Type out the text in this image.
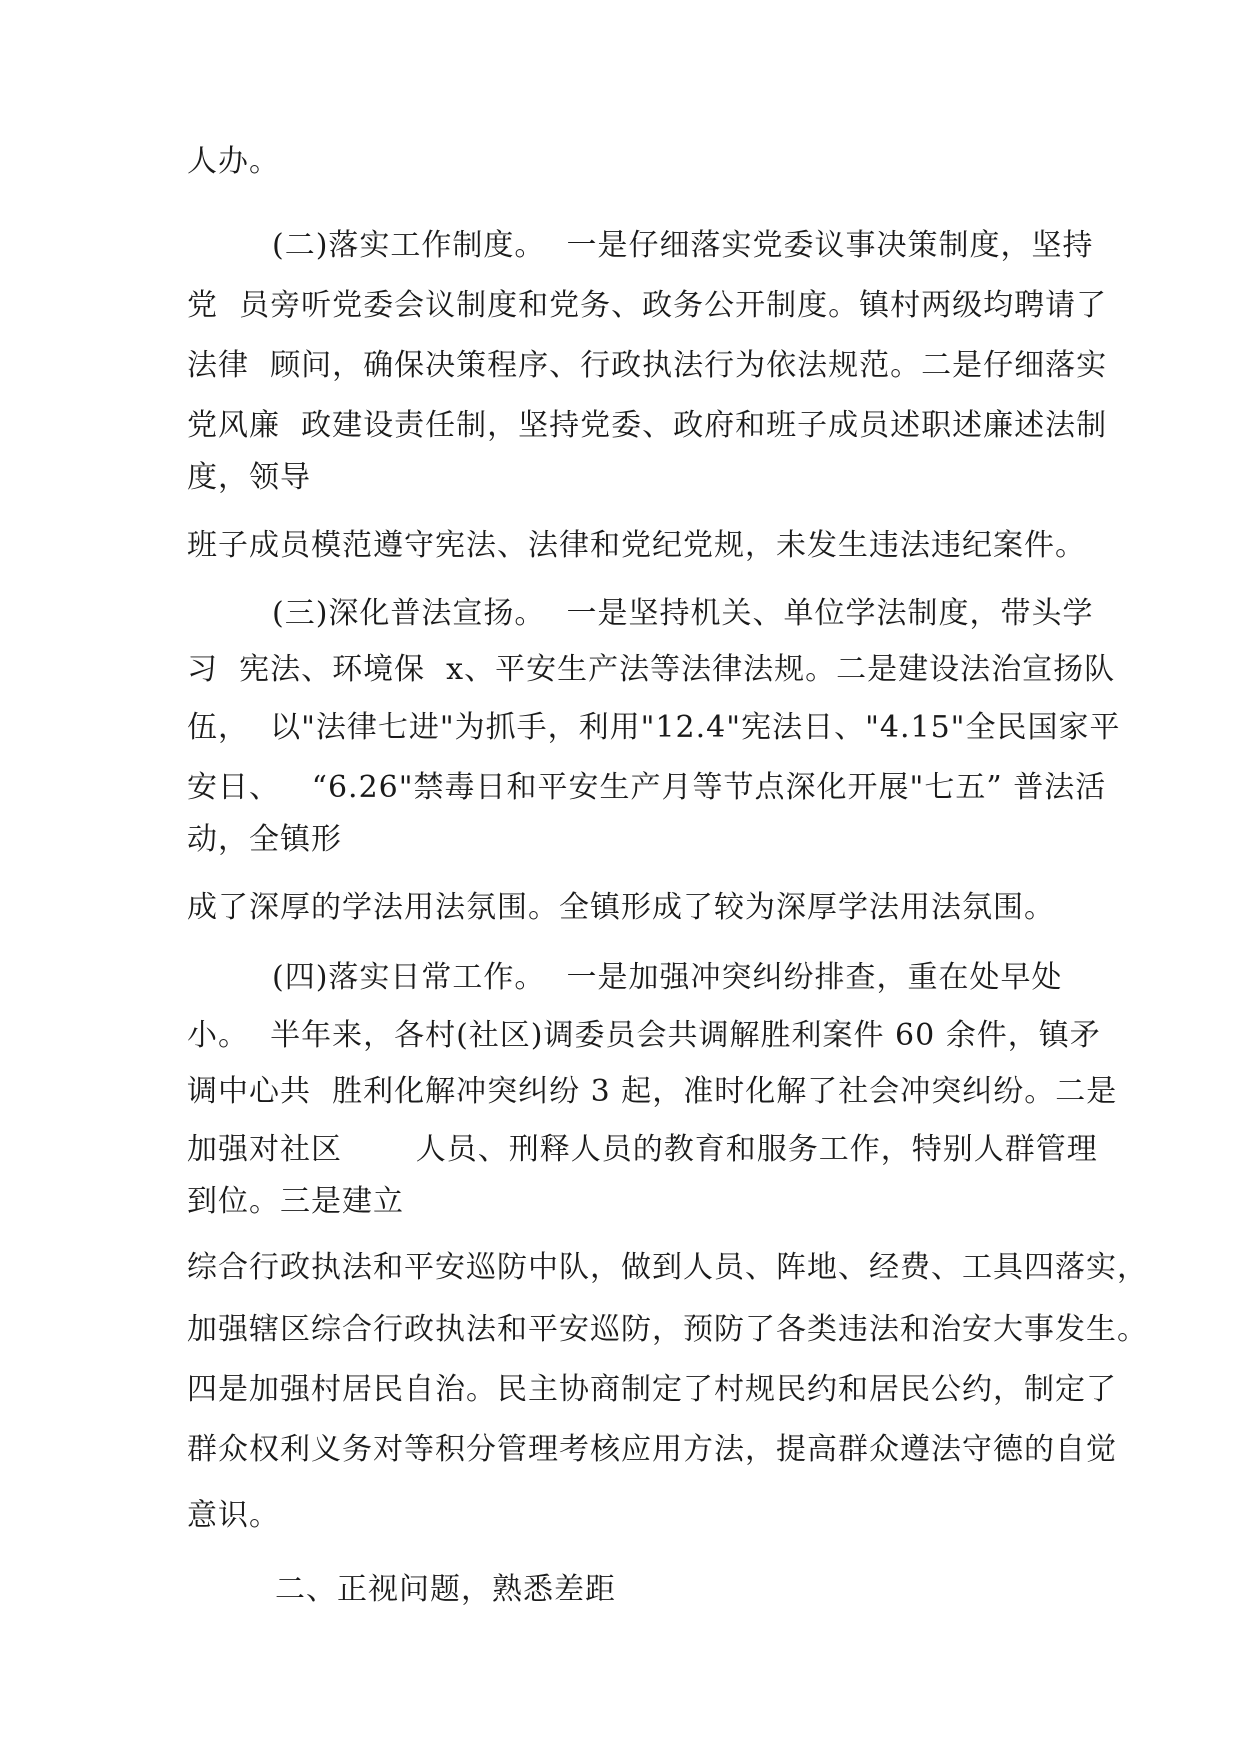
人办。
(二)落实工作制度。  一是仔细落实党委议事决策制度，坚持
党  员旁听党委会议制度和党务、政务公开制度。镇村两级均聘请了
法律  顾问，确保决策程序、行政执法行为依法规范。二是仔细落实
党风廉  政建设责任制，坚持党委、政府和班子成员述职述廉述法制
度，领导
班子成员模范遵守宪法、法律和党纪党规，未发生违法违纪案件。
(三)深化普法宣扬。  一是坚持机关、单位学法制度，带头学
习  宪法、环境保  x、平安生产法等法律法规。二是建设法治宣扬队
伍，  以"法律七进"为抓手，利用"12.4"宪法日、"4.15"全民国家平
安日、   “6.26"禁毒日和平安生产月等节点深化开展"七五” 普法活
动，全镇形
成了深厚的学法用法氛围。全镇形成了较为深厚学法用法氛围。
(四)落实日常工作。  一是加强冲突纠纷排查，重在处早处
小。  半年来，各村(社区)调委员会共调解胜利案件 60 余件，镇矛
调中心共  胜利化解冲突纠纷 3 起，准时化解了社会冲突纠纷。二是
加强对社区       人员、刑释人员的教育和服务工作，特别人群管理
到位。三是建立
综合行政执法和平安巡防中队，做到人员、阵地、经费、工具四落实，
加强辖区综合行政执法和平安巡防，预防了各类违法和治安大事发生。
四是加强村居民自治。民主协商制定了村规民约和居民公约，制定了
群众权利义务对等积分管理考核应用方法，提高群众遵法守德的自觉
意识。
二、正视问题，熟悉差距
